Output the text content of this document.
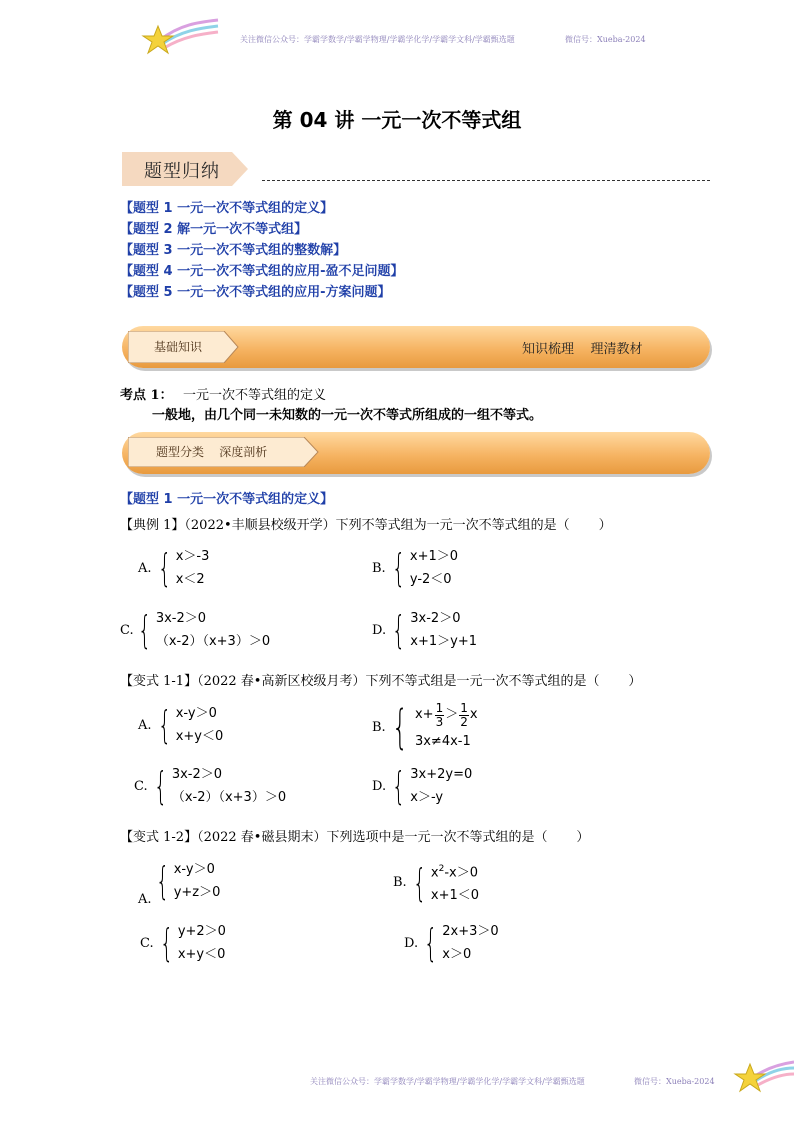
关注微信公众号：学霸学数学/学霸学物理/学霸学化学/学霸学文科/学霸甄选题	微信号：Xueba-2024
第 04 讲 一元一次不等式组
题型归纳
【题型 1 一元一次不等式组的定义】
【题型 2 解一元一次不等式组】
【题型 3 一元一次不等式组的整数解】
【题型 4 一元一次不等式组的应用-盈不足问题】
【题型 5 一元一次不等式组的应用-方案问题】
基础知识	知识梳理    理清教材
考点 1： 一元一次不等式组的定义
一般地，由几个同一未知数的一元一次不等式所组成的一组不等式。
题型分类    深度剖析
【题型 1 一元一次不等式组的定义】
【典例 1】（2022•丰顺县校级开学）下列不等式组为一元一次不等式组的是（       ）
A. { x＞-3
x＜2
B. { x+1＞0
y-2＜0
C. { 3x-2＞0
（x-2）（x+3）＞0
D. { 3x-2＞0
x+1＞y+1
【变式 1-1】（2022 春•高新区校级月考）下列不等式组是一元一次不等式组的是（       ）
A. { x-y＞0
x+y＜0
B. { $x+ \frac{1}{3} > \frac{1}{2}$ x
3x≠4x-1
C. { 3x-2＞0
（x-2）（x+3）＞0
D. { 3x+2y=0
x＞-y
【变式 1-2】（2022 春•磁县期末）下列选项中是一元一次不等式组的是（       ）
A. { x-y＞0
y+z＞0
B. { $x^2-x>0$
x+1＜0
C. { y+2＞0
x+y＜0
D. { 2x+3＞0
x＞0
关注微信公众号：学霸学数学/学霸学物理/学霸学化学/学霸学文科/学霸甄选题	微信号：Xueba-2024
